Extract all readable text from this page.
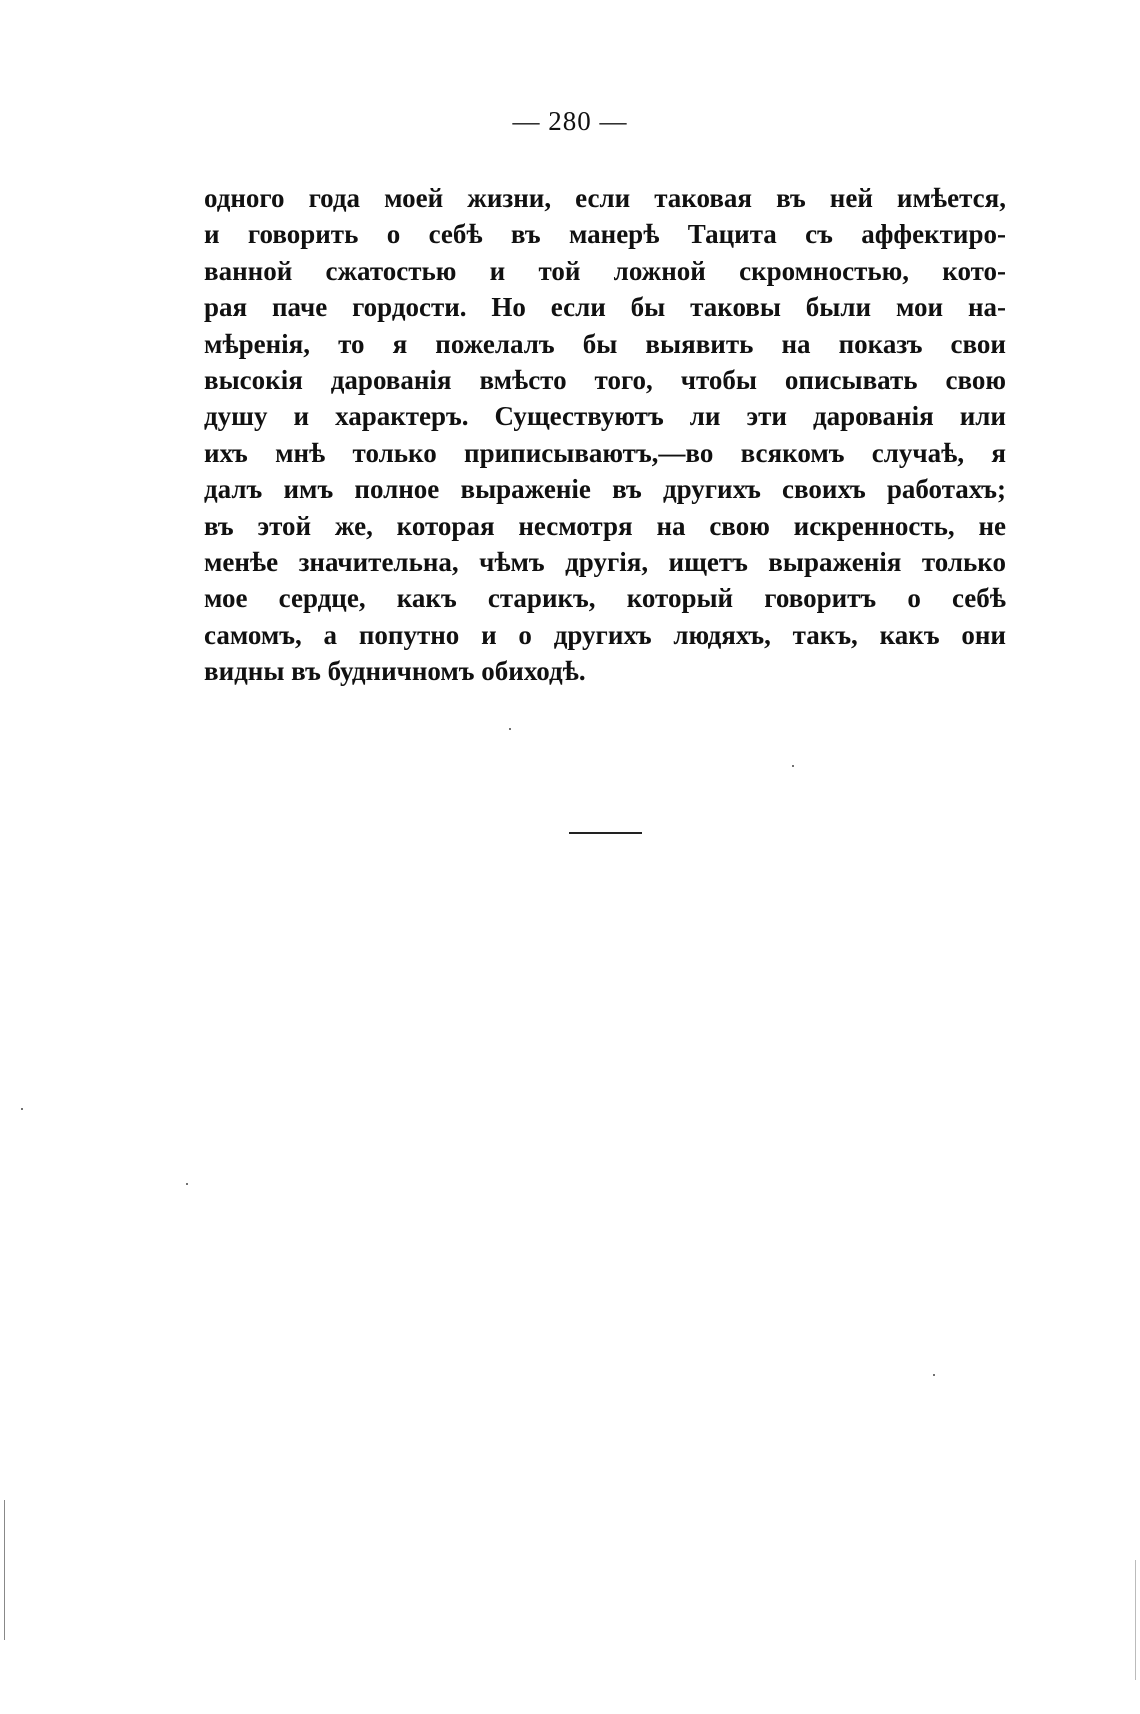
— 280 —
одного года моей жизни, если таковая въ ней имѣется,
и говорить о себѣ въ манерѣ Тацита съ аффектиро-
ванной сжатостью и той ложной скромностью, кото-
рая паче гордости. Но если бы таковы были мои на-
мѣренія, то я пожелалъ бы выявить на показъ свои
высокія дарованія вмѣсто того, чтобы описывать свою
душу и характеръ. Существуютъ ли эти дарованія или
ихъ мнѣ только приписываютъ,—во всякомъ случаѣ, я
далъ имъ полное выраженіе въ другихъ своихъ работахъ;
въ этой же, которая несмотря на свою искренность, не
менѣе значительна, чѣмъ другія, ищетъ выраженія только
мое сердце, какъ старикъ, который говоритъ о себѣ
самомъ, а попутно и о другихъ людяхъ, такъ, какъ они
видны въ будничномъ обиходѣ.
